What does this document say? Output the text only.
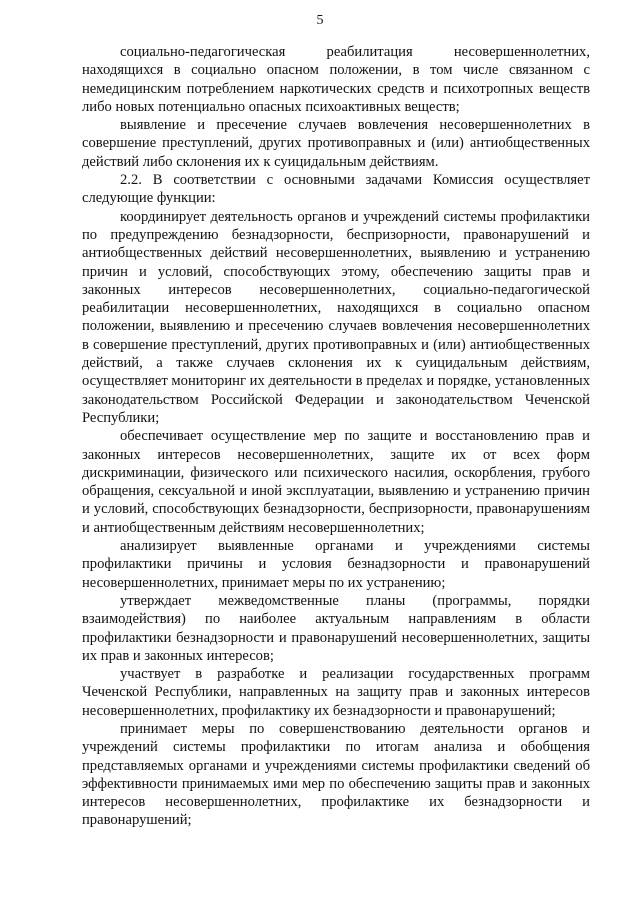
5

социально-педагогическая реабилитация несовершеннолетних, находящихся в социально опасном положении, в том числе связанном с немедицинским потреблением наркотических средств и психотропных веществ либо новых потенциально опасных психоактивных веществ;

выявление и пресечение случаев вовлечения несовершеннолетних в совершение преступлений, других противоправных и (или) антиобщественных действий либо склонения их к суицидальным действиям.

2.2. В соответствии с основными задачами Комиссия осуществляет следующие функции:

координирует деятельность органов и учреждений системы профилактики по предупреждению безнадзорности, беспризорности, правонарушений и антиобщественных действий несовершеннолетних, выявлению и устранению причин и условий, способствующих этому, обеспечению защиты прав и законных интересов несовершеннолетних, социально-педагогической реабилитации несовершеннолетних, находящихся в социально опасном положении, выявлению и пресечению случаев вовлечения несовершеннолетних в совершение преступлений, других противоправных и (или) антиобщественных действий, а также случаев склонения их к суицидальным действиям, осуществляет мониторинг их деятельности в пределах и порядке, установленных законодательством Российской Федерации и законодательством Чеченской Республики;

обеспечивает осуществление мер по защите и восстановлению прав и законных интересов несовершеннолетних, защите их от всех форм дискриминации, физического или психического насилия, оскорбления, грубого обращения, сексуальной и иной эксплуатации, выявлению и устранению причин и условий, способствующих безнадзорности, беспризорности, правонарушениям и антиобщественным действиям несовершеннолетних;

анализирует выявленные органами и учреждениями системы профилактики причины и условия безнадзорности и правонарушений несовершеннолетних, принимает меры по их устранению;

утверждает межведомственные планы (программы, порядки взаимодействия) по наиболее актуальным направлениям в области профилактики безнадзорности и правонарушений несовершеннолетних, защиты их прав и законных интересов;

участвует в разработке и реализации государственных программ Чеченской Республики, направленных на защиту прав и законных интересов несовершеннолетних, профилактику их безнадзорности и правонарушений;

принимает меры по совершенствованию деятельности органов и учреждений системы профилактики по итогам анализа и обобщения представляемых органами и учреждениями системы профилактики сведений об эффективности принимаемых ими мер по обеспечению защиты прав и законных интересов несовершеннолетних, профилактике их безнадзорности и правонарушений;
